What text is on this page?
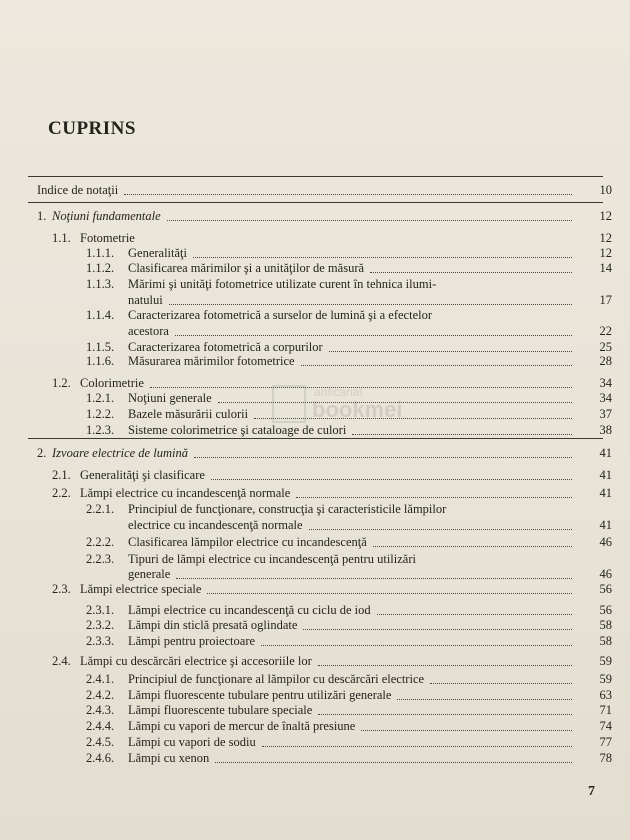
CUPRINS
Indice de notaţii	10
1. Noţiuni fundamentale	12
1.1. Fotometrie	12
1.1.1. Generalităţi	12
1.1.2. Clasificarea mărimilor şi a unităţilor de măsură	14
1.1.3. Mărimi şi unităţi fotometrice utilizate curent în tehnica ilumi-
natului	17
1.1.4. Caracterizarea fotometrică a surselor de lumină şi a efectelor
acestora	22
1.1.5. Caracterizarea fotometrică a corpurilor	25
1.1.6. Măsurarea mărimilor fotometrice	28
1.2. Colorimetrie	34
1.2.1. Noţiuni generale	34
1.2.2. Bazele măsurării culorii	37
1.2.3. Sisteme colorimetrice şi cataloage de culori	38
2. Izvoare electrice de lumină	41
2.1. Generalităţi şi clasificare	41
2.2. Lămpi electrice cu incandescenţă normale	41
2.2.1. Principiul de funcţionare, construcţia şi caracteristicile lămpilor
electrice cu incandescenţă normale	41
2.2.2. Clasificarea lămpilor electrice cu incandescenţă	46
2.2.3. Tipuri de lămpi electrice cu incandescenţă pentru utilizări
generale	46
2.3. Lămpi electrice speciale	56
2.3.1. Lămpi electrice cu incandescenţă cu ciclu de iod	56
2.3.2. Lămpi din sticlă presată oglindate	58
2.3.3. Lămpi pentru proiectoare	58
2.4. Lămpi cu descărcări electrice şi accesoriile lor	59
2.4.1. Principiul de funcţionare al lămpilor cu descărcări electrice	59
2.4.2. Lămpi fluorescente tubulare pentru utilizări generale	63
2.4.3. Lămpi fluorescente tubulare speciale	71
2.4.4. Lămpi cu vapori de mercur de înaltă presiune	74
2.4.5. Lămpi cu vapori de sodiu	77
2.4.6. Lămpi cu xenon	78
anticariat
bookmei
7
